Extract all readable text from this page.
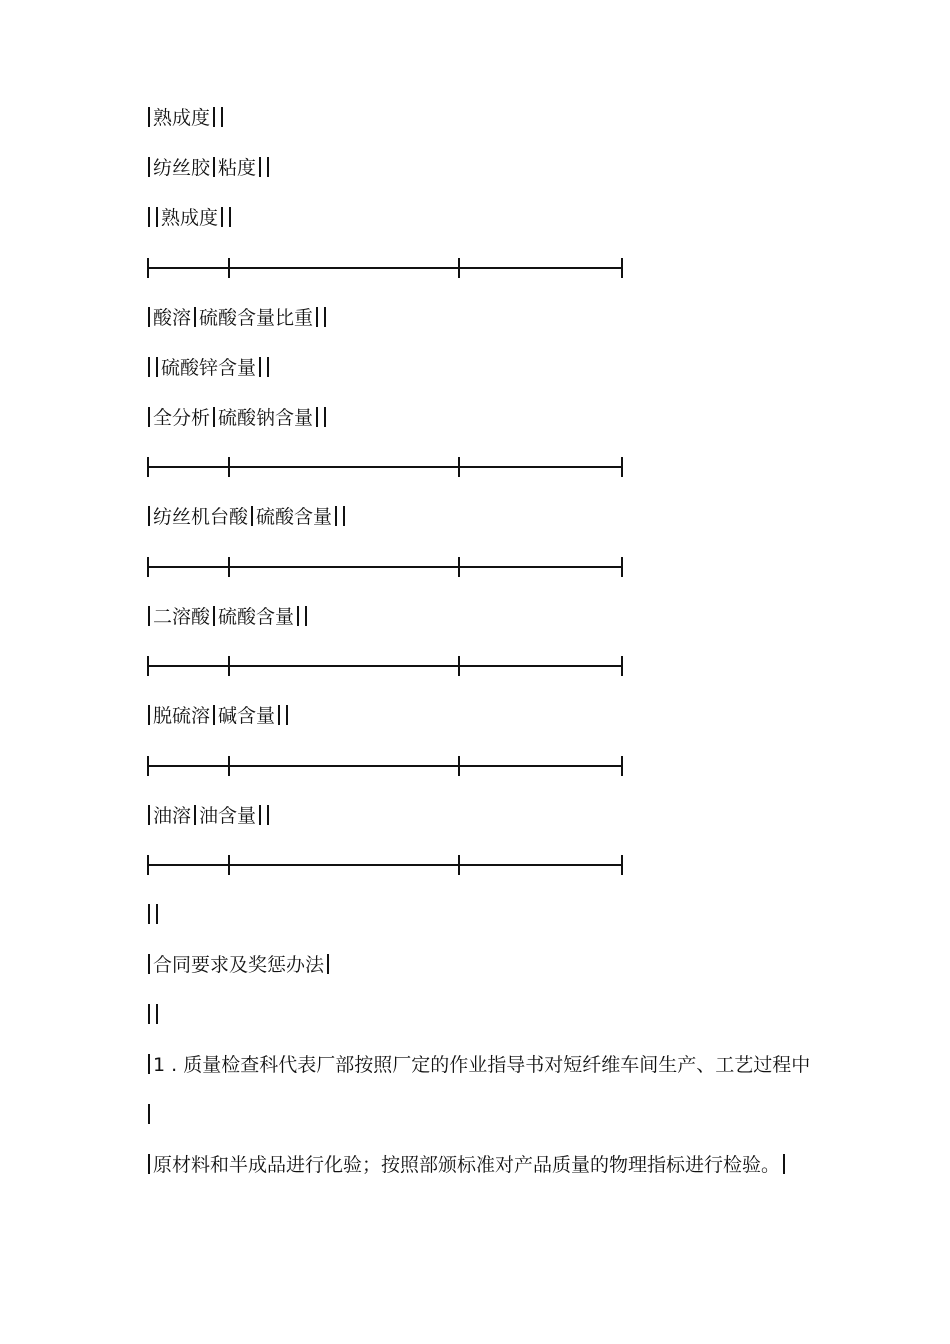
熟成度
纺丝胶 粘度
熟成度
酸溶 硫酸含量比重
硫酸锌含量
全分析 硫酸钠含量
纺丝机台酸 硫酸含量
二溶酸 硫酸含量
脱硫溶 碱含量
油溶 油含量
合同要求及奖惩办法
1 . 质量检查科代表厂部按照厂定的作业指导书对短纤维车间生产、工艺过程中
原材料和半成品进行化验；按照部颁标准对产品质量的物理指标进行检验。
